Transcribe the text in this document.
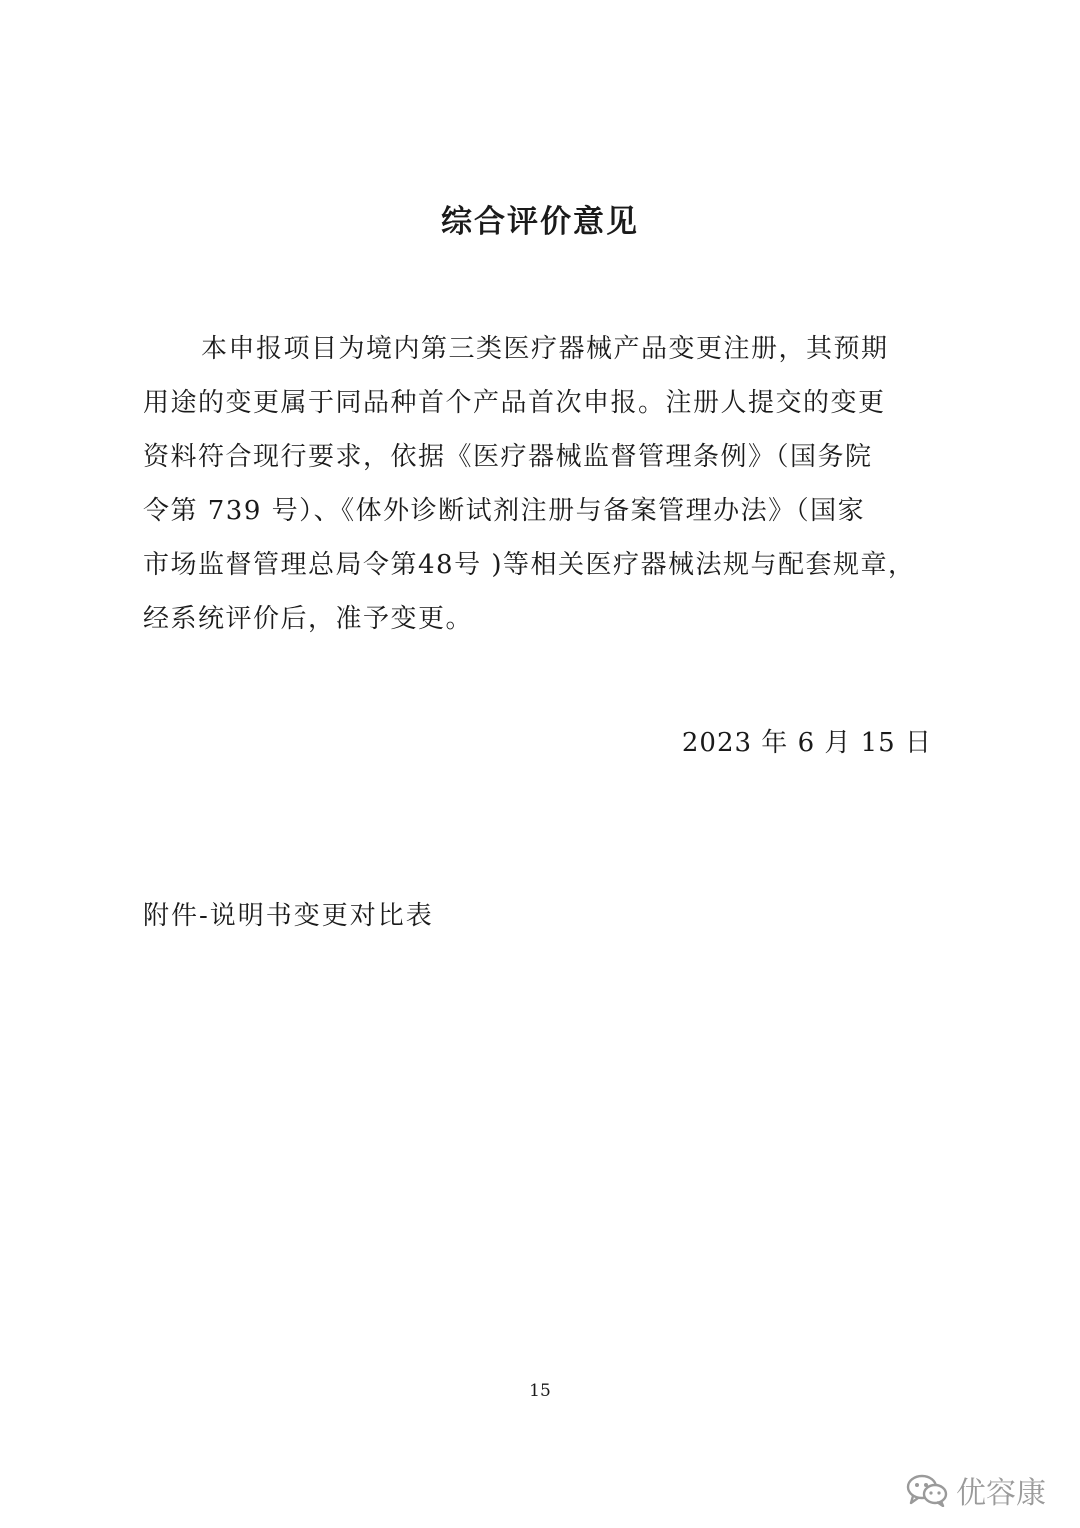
综合评价意见
本申报项目为境内第三类医疗器械产品变更注册，其预期
用途的变更属于同品种首个产品首次申报。注册人提交的变更
资料符合现行要求，依据《医疗器械监督管理条例》（国务院
令第 739 号）、《体外诊断试剂注册与备案管理办法》（国家
市场监督管理总局令第48号 )等相关医疗器械法规与配套规章，
经系统评价后，准予变更。
2023 年 6 月 15 日
附件-说明书变更对比表
15
优容康
